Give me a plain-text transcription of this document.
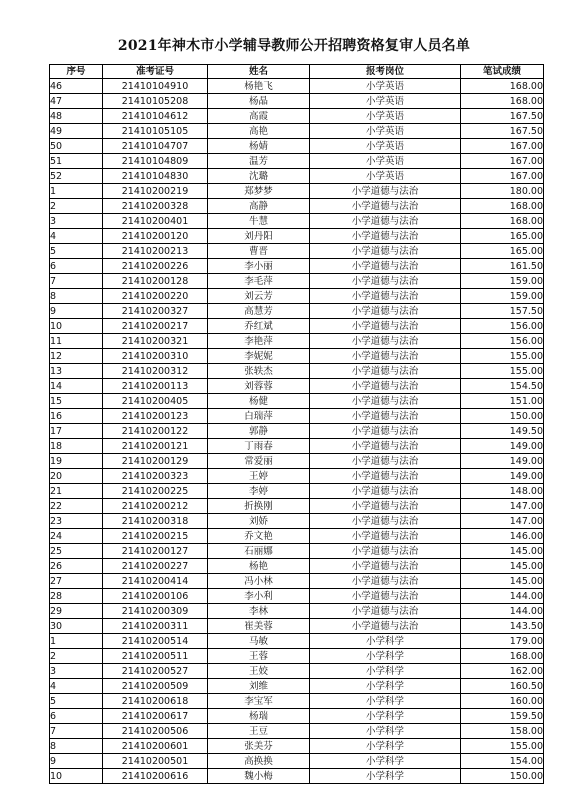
2021年神木市小学辅导教师公开招聘资格复审人员名单
序号	准考证号	姓名	报考岗位	笔试成绩
46	21410104910	杨艳飞	小学英语	168.00
47	21410105208	杨晶	小学英语	168.00
48	21410104612	高霞	小学英语	167.50
49	21410105105	高艳	小学英语	167.50
50	21410104707	杨婧	小学英语	167.00
51	21410104809	温芳	小学英语	167.00
52	21410104830	沈璐	小学英语	167.00
1	21410200219	郑梦梦	小学道德与法治	180.00
2	21410200328	高静	小学道德与法治	168.00
3	21410200401	牛慧	小学道德与法治	168.00
4	21410200120	刘丹阳	小学道德与法治	165.00
5	21410200213	曹晋	小学道德与法治	165.00
6	21410200226	李小丽	小学道德与法治	161.50
7	21410200128	李毛萍	小学道德与法治	159.00
8	21410200220	刘云芳	小学道德与法治	159.00
9	21410200327	高慧芳	小学道德与法治	157.50
10	21410200217	乔红斌	小学道德与法治	156.00
11	21410200321	李艳萍	小学道德与法治	156.00
12	21410200310	李妮妮	小学道德与法治	155.00
13	21410200312	张轶杰	小学道德与法治	155.00
14	21410200113	刘蓉蓉	小学道德与法治	154.50
15	21410200405	杨健	小学道德与法治	151.00
16	21410200123	白瑞萍	小学道德与法治	150.00
17	21410200122	郭静	小学道德与法治	149.50
18	21410200121	丁雨春	小学道德与法治	149.00
19	21410200129	常爱丽	小学道德与法治	149.00
20	21410200323	王婷	小学道德与法治	149.00
21	21410200225	李婷	小学道德与法治	148.00
22	21410200212	折换刚	小学道德与法治	147.00
23	21410200318	刘娇	小学道德与法治	147.00
24	21410200215	乔文艳	小学道德与法治	146.00
25	21410200127	石丽娜	小学道德与法治	145.00
26	21410200227	杨艳	小学道德与法治	145.00
27	21410200414	冯小林	小学道德与法治	145.00
28	21410200106	李小利	小学道德与法治	144.00
29	21410200309	李林	小学道德与法治	144.00
30	21410200311	崔美蓉	小学道德与法治	143.50
1	21410200514	马敏	小学科学	179.00
2	21410200511	王蓉	小学科学	168.00
3	21410200527	王姣	小学科学	162.00
4	21410200509	刘维	小学科学	160.50
5	21410200618	李宝军	小学科学	160.00
6	21410200617	杨瑞	小学科学	159.50
7	21410200506	王豆	小学科学	158.00
8	21410200601	张美芬	小学科学	155.00
9	21410200501	高换换	小学科学	154.00
10	21410200616	魏小梅	小学科学	150.00
